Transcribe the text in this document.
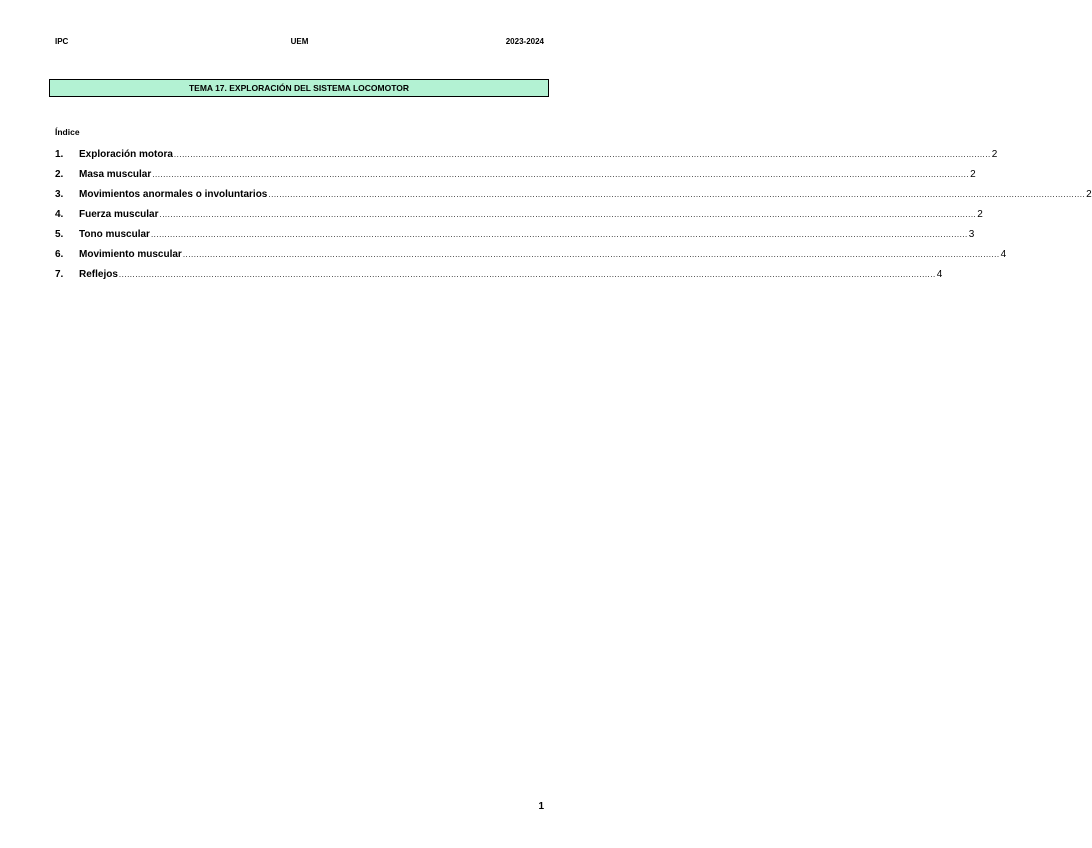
IPC	UEM	2023-2024
TEMA 17. EXPLORACIÓN DEL SISTEMA LOCOMOTOR
Índice
1.	Exploración motora ............................................................................................................................................................................................................................................................................................................ 2
2.	Masa muscular ............................................................................................................................................................................................................................................................................................................ 2
3.	Movimientos anormales o involuntarios ............................................................................................................................................................................................................................................................................................................ 2
4.	Fuerza muscular ............................................................................................................................................................................................................................................................................................................ 2
5.	Tono muscular ............................................................................................................................................................................................................................................................................................................ 3
6.	Movimiento muscular ............................................................................................................................................................................................................................................................................................................ 4
7.	Reflejos ............................................................................................................................................................................................................................................................................................................ 4
1
